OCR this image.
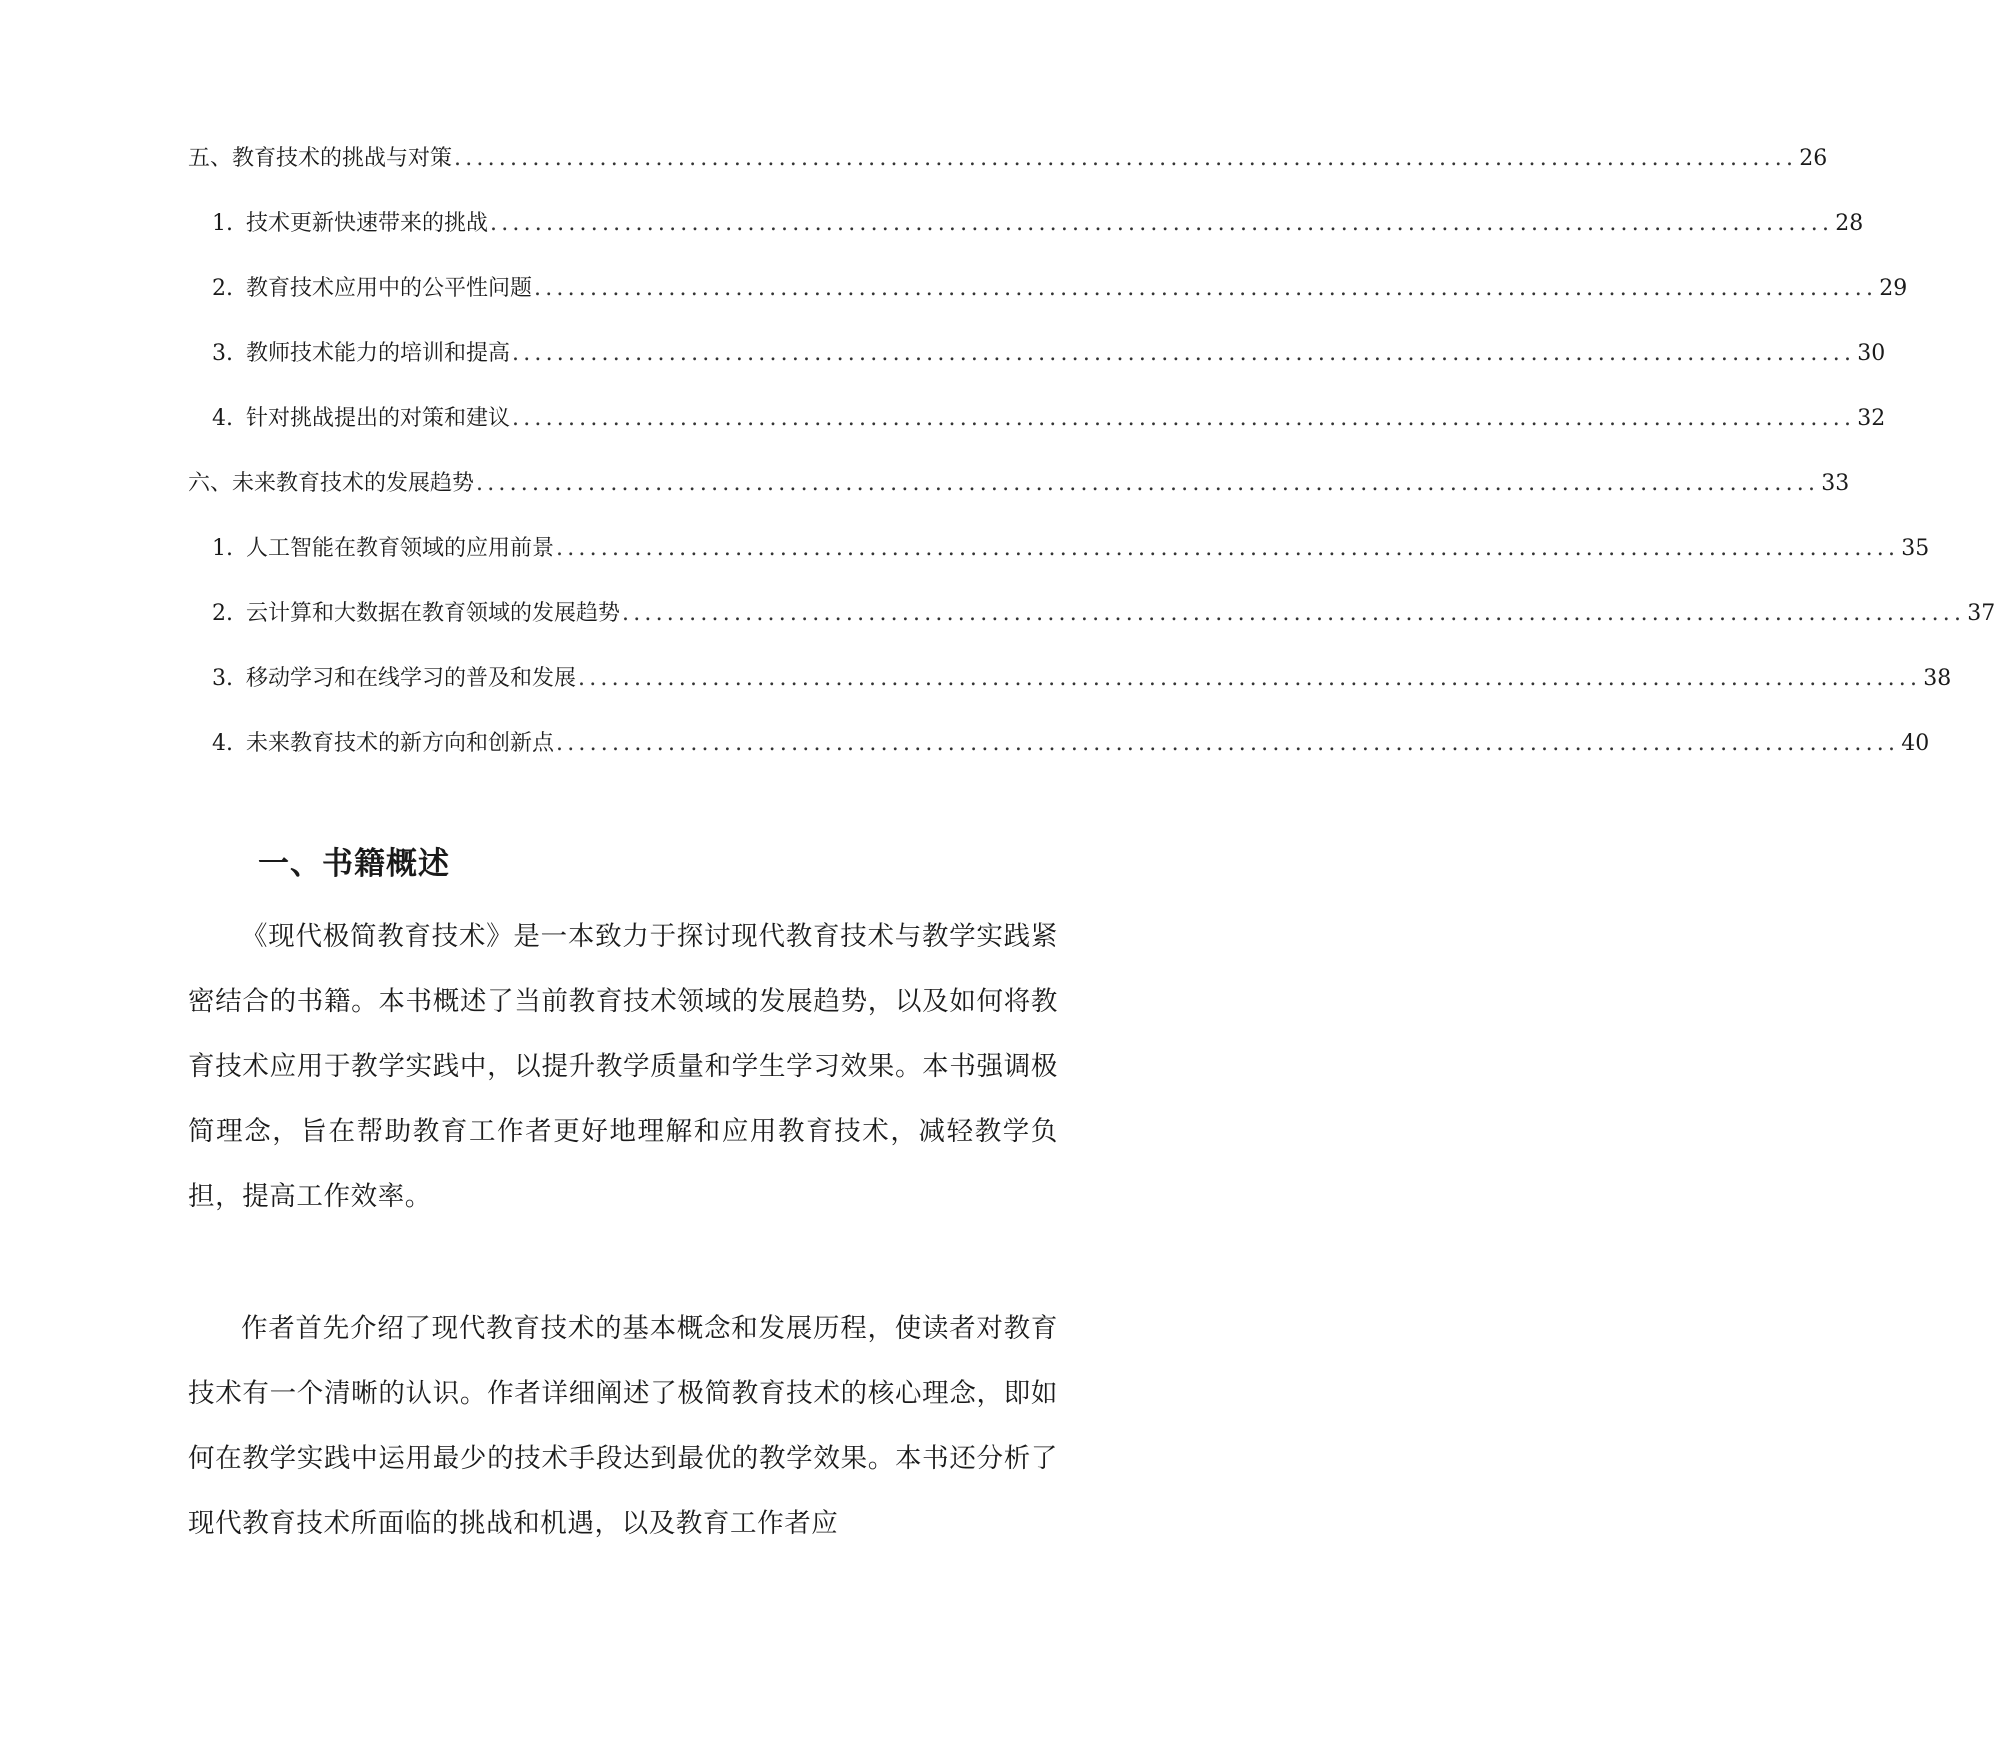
五、教育技术的挑战与对策 ........................................................................................................................ 26
1. 技术更新快速带来的挑战 ........................................................................................................................ 28
2. 教育技术应用中的公平性问题 ........................................................................................................................ 29
3. 教师技术能力的培训和提高 ........................................................................................................................ 30
4. 针对挑战提出的对策和建议 ........................................................................................................................ 32
六、未来教育技术的发展趋势 ........................................................................................................................ 33
1. 人工智能在教育领域的应用前景 ........................................................................................................................ 35
2. 云计算和大数据在教育领域的发展趋势 ........................................................................................................................ 37
3. 移动学习和在线学习的普及和发展 ........................................................................................................................ 38
4. 未来教育技术的新方向和创新点 ........................................................................................................................ 40
一、书籍概述

《现代极简教育技术》是一本致力于探讨现代教育技术与教学实践紧密结合的书籍。本书概述了当前教育技术领域的发展趋势，以及如何将教育技术应用于教学实践中，以提升教学质量和学生学习效果。本书强调极简理念，旨在帮助教育工作者更好地理解和应用教育技术，减轻教学负担，提高工作效率。

作者首先介绍了现代教育技术的基本概念和发展历程，使读者对教育技术有一个清晰的认识。作者详细阐述了极简教育技术的核心理念，即如何在教学实践中运用最少的技术手段达到最优的教学效果。本书还分析了现代教育技术所面临的挑战和机遇，以及教育工作者应
